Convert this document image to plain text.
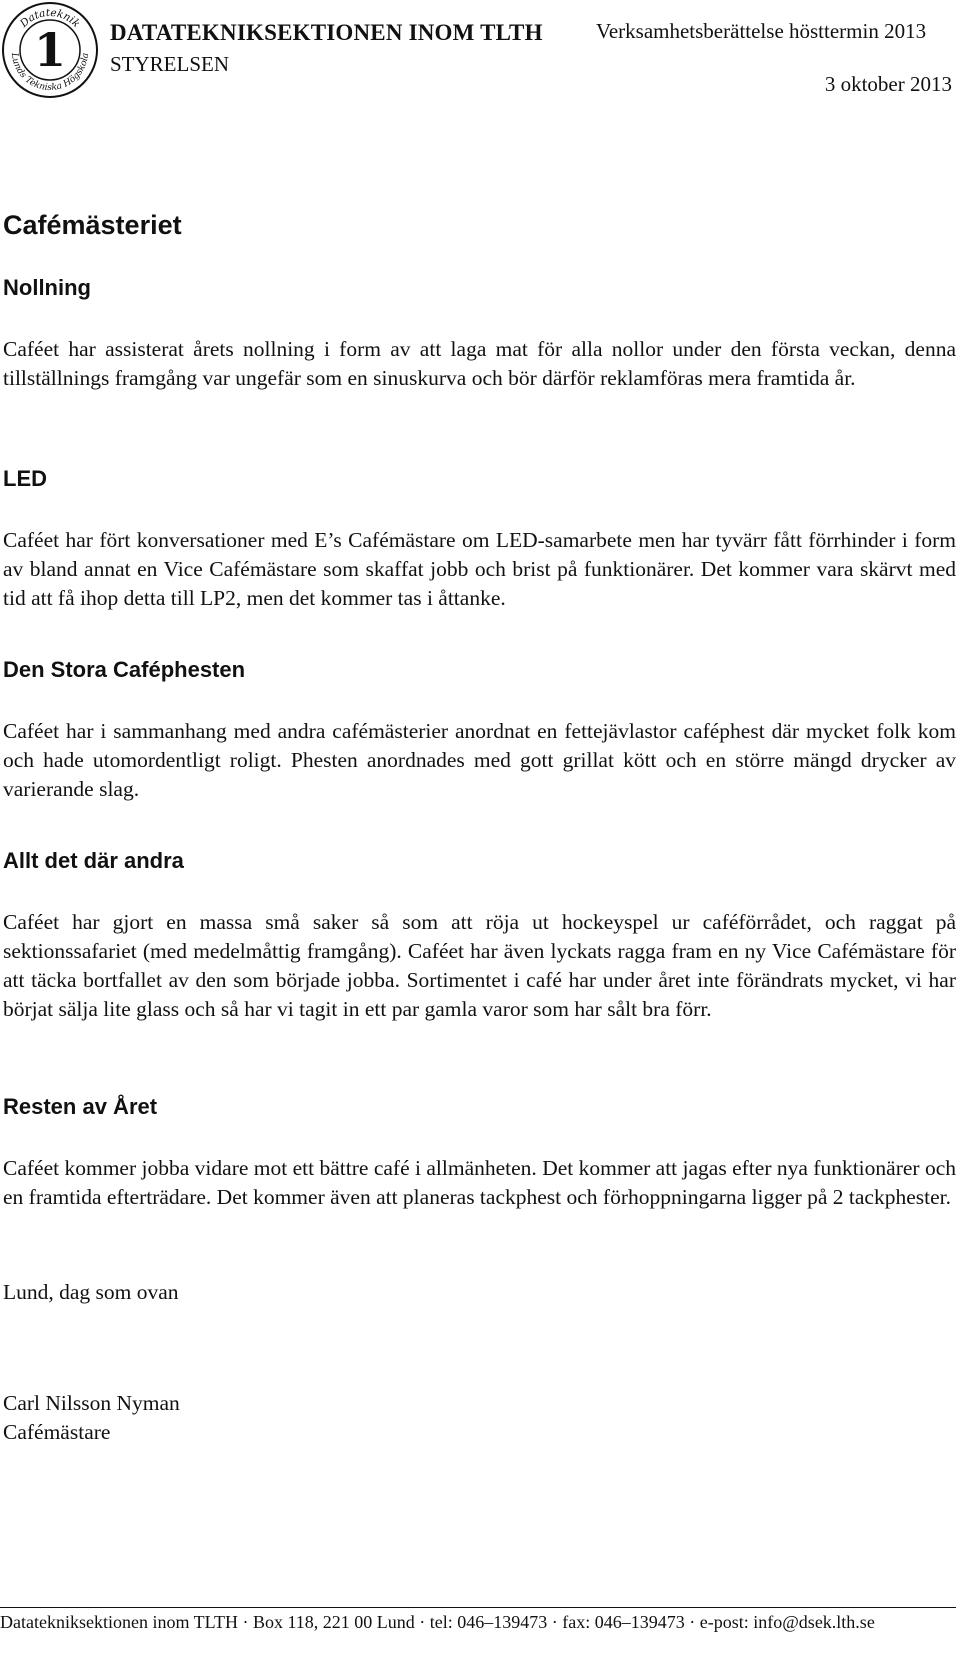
Datateknik
Lunds Tekniska Högskola
1 DATATEKNIKSEKTIONEN INOM TLTH
STYRELSEN
Verksamhetsberättelse hösttermin 2013
3 oktober 2013
Cafémästeriet
Nollning

Caféet har assisterat årets nollning i form av att laga mat för alla nollor under den första veckan, denna tillställnings framgång var ungefär som en sinuskurva och bör därför reklamföras mera framtida år.

LED

Caféet har fört konversationer med E’s Cafémästare om LED-samarbete men har tyvärr fått förrhinder i form av bland annat en Vice Cafémästare som skaffat jobb och brist på funktionärer. Det kommer vara skärvt med tid att få ihop detta till LP2, men det kommer tas i åttanke.

Den Stora Caféphesten

Caféet har i sammanhang med andra cafémästerier anordnat en fettejävlastor caféphest där mycket folk kom och hade utomordentligt roligt. Phesten anordnades med gott grillat kött och en större mängd drycker av varierande slag.

Allt det där andra

Caféet har gjort en massa små saker så som att röja ut hockeyspel ur caféförrådet, och raggat på sektionssafariet (med medelmåttig framgång). Caféet har även lyckats ragga fram en ny Vice Cafémästare för att täcka bortfallet av den som började jobba. Sortimentet i café har under året inte förändrats mycket, vi har börjat sälja lite glass och så har vi tagit in ett par gamla varor som har sålt bra förr.

Resten av Året

Caféet kommer jobba vidare mot ett bättre café i allmänheten. Det kommer att jagas efter nya funktionärer och en framtida efterträdare. Det kommer även att planeras tackphest och förhoppningarna ligger på 2 tackphester.

Lund, dag som ovan

Carl Nilsson Nyman

Cafémästare

Datatekniksektionen inom TLTH · Box 118, 221 00 Lund · tel: 046–139473 · fax: 046–139473 · e-post: info@dsek.lth.se
